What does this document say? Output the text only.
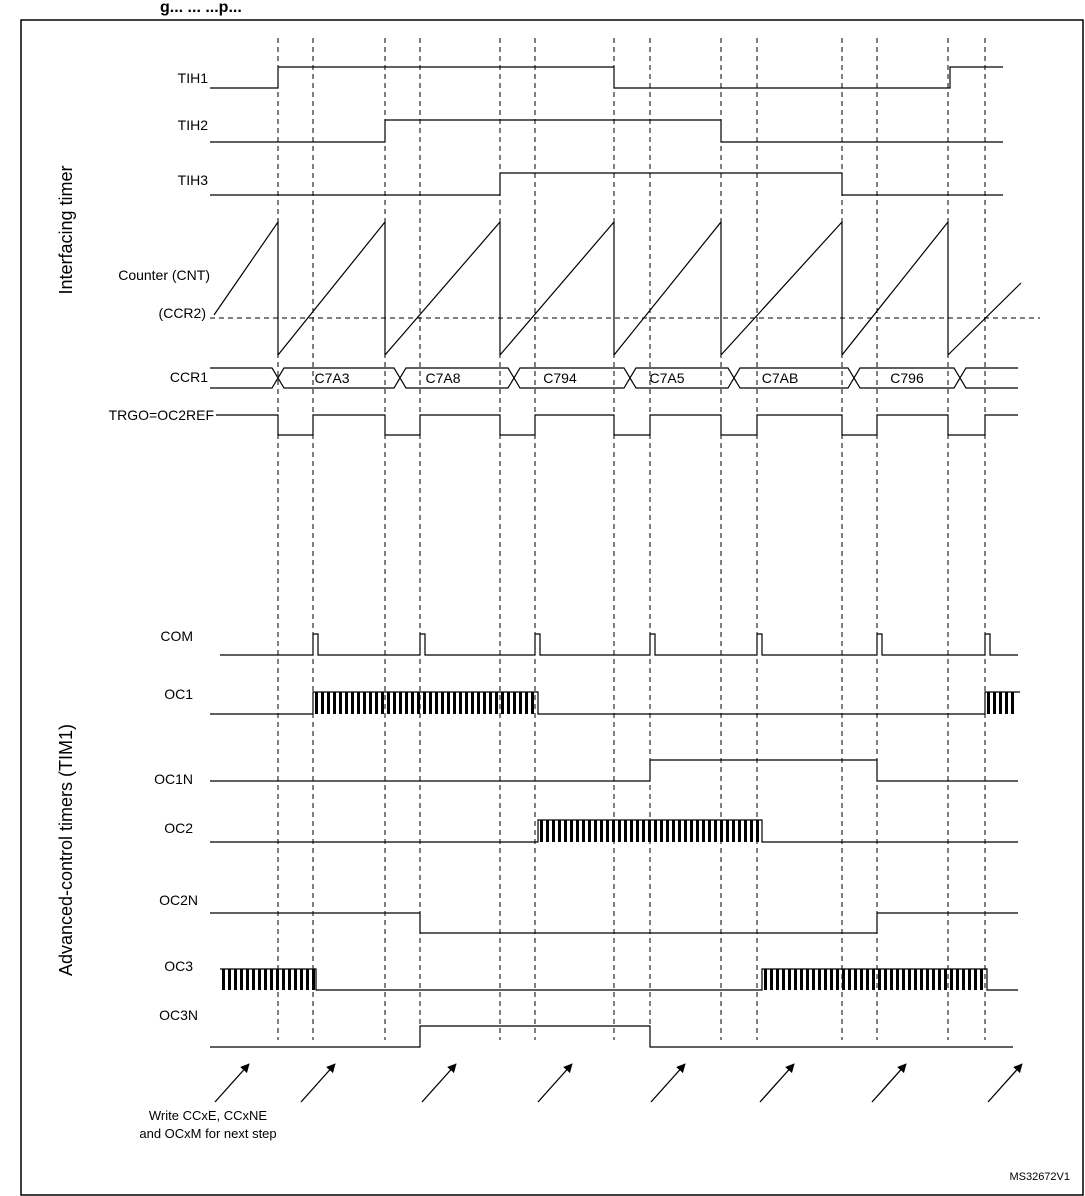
g... ... ...p...
Interfacing timer
Advanced-control timers (TIM1)
TIH1
TIH2
TIH3
Counter (CNT)
(CCR2)
CCR1
TRGO=OC2REF
COM
OC1
OC1N
OC2
OC2N
OC3
OC3N
C7A3	C7A8	C794	C7A5	C7AB	C796
Write CCxE, CCxNE
and OCxM for next step
MS32672V1
